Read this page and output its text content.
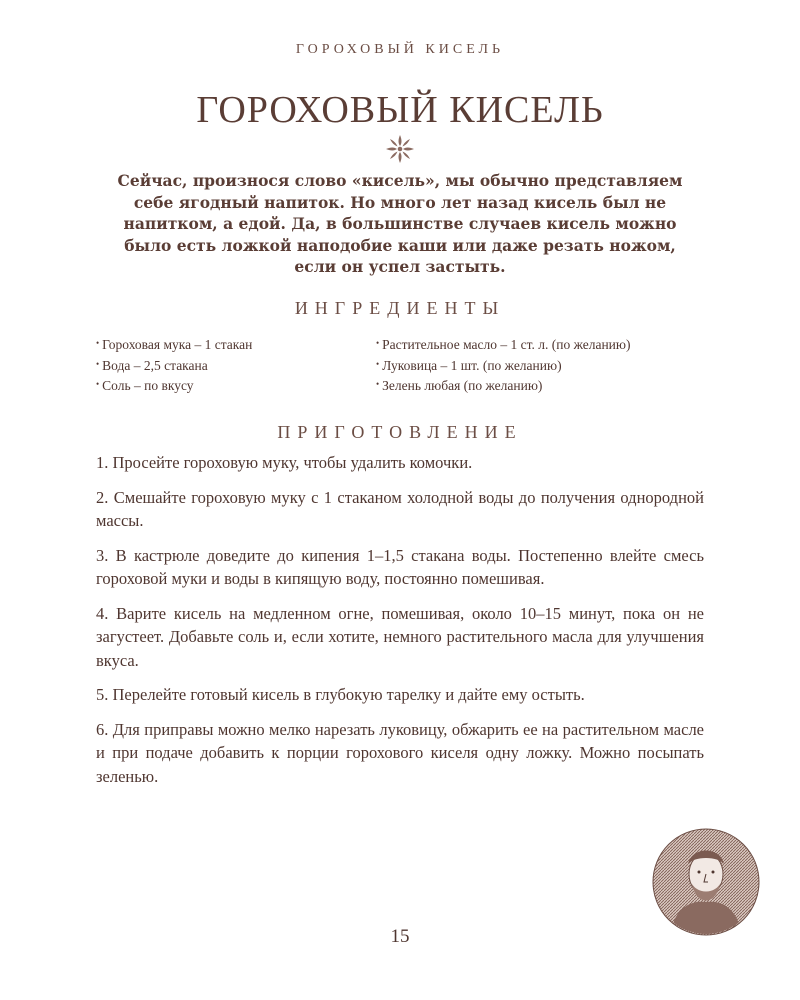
ГОРОХОВЫЙ КИСЕЛЬ
ГОРОХОВЫЙ КИСЕЛЬ

Сейчас, произнося слово «кисель», мы обычно представляем себе ягодный напиток. Но много лет назад кисель был не напитком, а едой. Да, в большинстве случаев кисель можно было есть ложкой наподобие каши или даже резать ножом, если он успел застыть.

ИНГРЕДИЕНТЫ
• Гороховая мука – 1 стакан
• Вода – 2,5 стакана
• Соль – по вкусу
• Растительное масло – 1 ст. л. (по желанию)
• Луковица – 1 шт. (по желанию)
• Зелень любая (по желанию)
ПРИГОТОВЛЕНИЕ
1. Просейте гороховую муку, чтобы удалить комочки.
2. Смешайте гороховую муку с 1 стаканом холодной воды до получения однородной массы.
3. В кастрюле доведите до кипения 1–1,5 стакана воды. Постепенно влейте смесь гороховой муки и воды в кипящую воду, постоянно помешивая.
4. Варите кисель на медленном огне, помешивая, около 10–15 минут, пока он не загустеет. Добавьте соль и, если хотите, немного растительного масла для улучшения вкуса.
5. Перелейте готовый кисель в глубокую тарелку и дайте ему остыть.
6. Для приправы можно мелко нарезать луковицу, обжарить ее на растительном масле и при подаче добавить к порции горохового киселя одну ложку. Можно посыпать зеленью.
15
